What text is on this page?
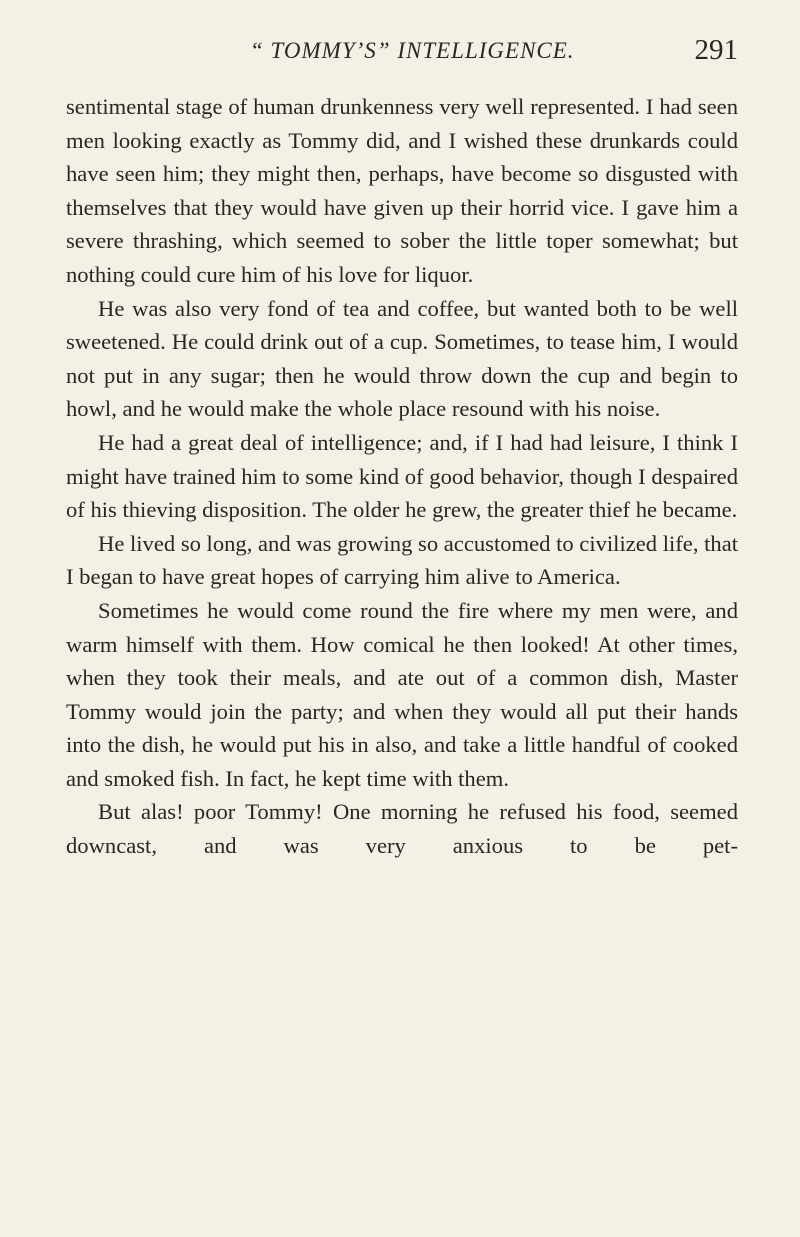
“ TOMMY’S” INTELLIGENCE.	291

sentimental stage of human drunkenness very well represented. I had seen men looking exactly as Tommy did, and I wished these drunkards could have seen him; they might then, perhaps, have become so disgusted with themselves that they would have given up their horrid vice. I gave him a severe thrashing, which seemed to sober the little toper somewhat; but nothing could cure him of his love for liquor.

He was also very fond of tea and coffee, but wanted both to be well sweetened. He could drink out of a cup. Sometimes, to tease him, I would not put in any sugar; then he would throw down the cup and begin to howl, and he would make the whole place resound with his noise.

He had a great deal of intelligence; and, if I had had leisure, I think I might have trained him to some kind of good behavior, though I despaired of his thieving disposition. The older he grew, the greater thief he became.

He lived so long, and was growing so accustomed to civilized life, that I began to have great hopes of carrying him alive to America.

Sometimes he would come round the fire where my men were, and warm himself with them. How comical he then looked! At other times, when they took their meals, and ate out of a common dish, Master Tommy would join the party; and when they would all put their hands into the dish, he would put his in also, and take a little handful of cooked and smoked fish. In fact, he kept time with them.

But alas! poor Tommy! One morning he refused his food, seemed downcast, and was very anxious to be pet-
